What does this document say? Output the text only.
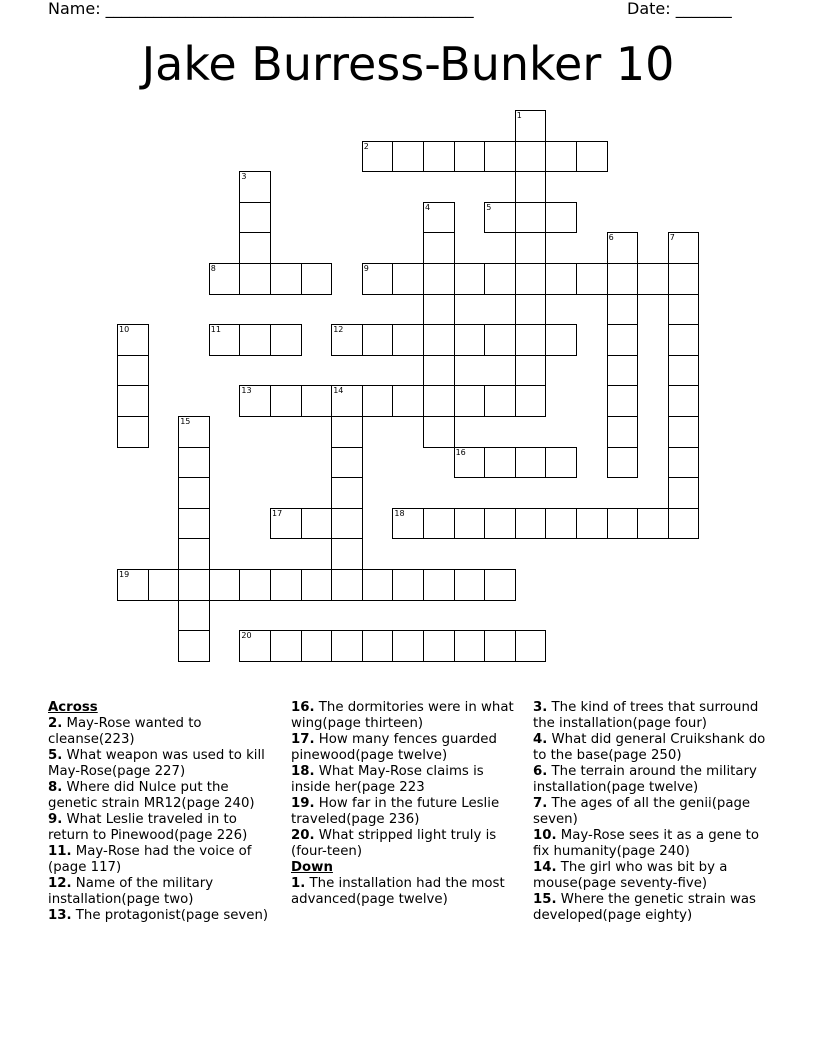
Name: ______________________________________________	Date: _______
Jake Burress-Bunker 10
1
2
3
4	5
6	7
8	9
10	11	12
13	14
15
16
17	18
19
20
Across
2. May-Rose wanted to cleanse(223)
5. What weapon was used to kill May-Rose(page 227)
8. Where did Nulce put the genetic strain MR12(page 240)
9. What Leslie traveled in to return to Pinewood(page 226)
11. May-Rose had the voice of (page 117)
12. Name of the military installation(page two)
13. The protagonist(page seven)
16. The dormitories were in what wing(page thirteen)
17. How many fences guarded pinewood(page twelve)
18. What May-Rose claims is inside her(page 223
19. How far in the future Leslie traveled(page 236)
20. What stripped light truly is (four-teen)
Down
1. The installation had the most advanced(page twelve)
3. The kind of trees that surround the installation(page four)
4. What did general Cruikshank do to the base(page 250)
6. The terrain around the military installation(page twelve)
7. The ages of all the genii(page seven)
10. May-Rose sees it as a gene to fix humanity(page 240)
14. The girl who was bit by a mouse(page seventy-five)
15. Where the genetic strain was developed(page eighty)
